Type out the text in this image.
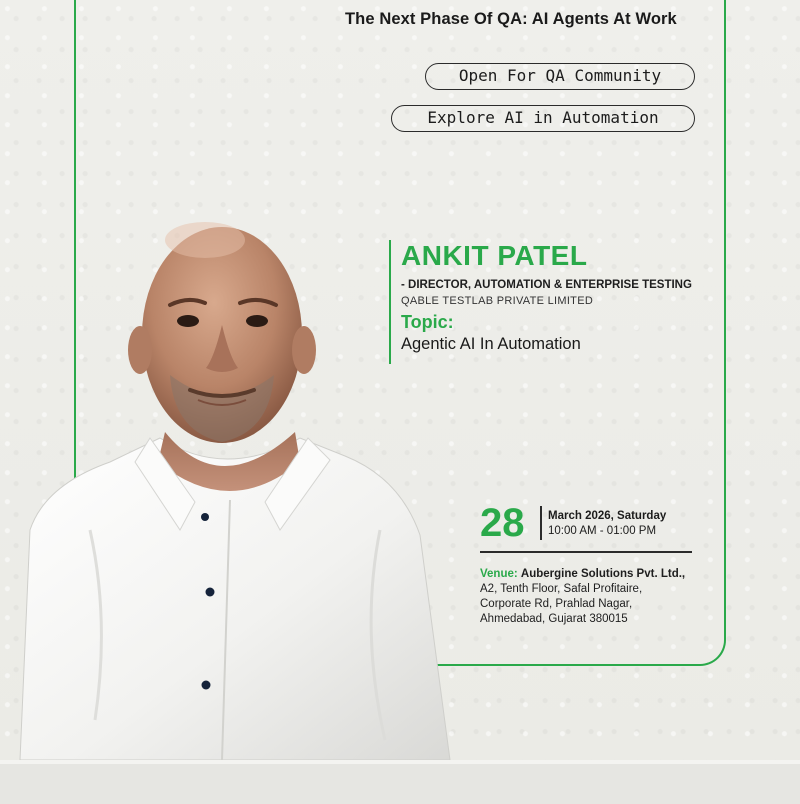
The Next Phase Of QA: AI Agents At Work
Open For QA Community
Explore AI in Automation
ANKIT PATEL
- DIRECTOR, AUTOMATION & ENTERPRISE TESTING
QABLE TESTLAB PRIVATE LIMITED
Topic:
Agentic AI In Automation
28 March 2026, Saturday
10:00 AM - 01:00 PM
Venue: Aubergine Solutions Pvt. Ltd.,
A2, Tenth Floor, Safal Profitaire,
Corporate Rd, Prahlad Nagar,
Ahmedabad, Gujarat 380015
